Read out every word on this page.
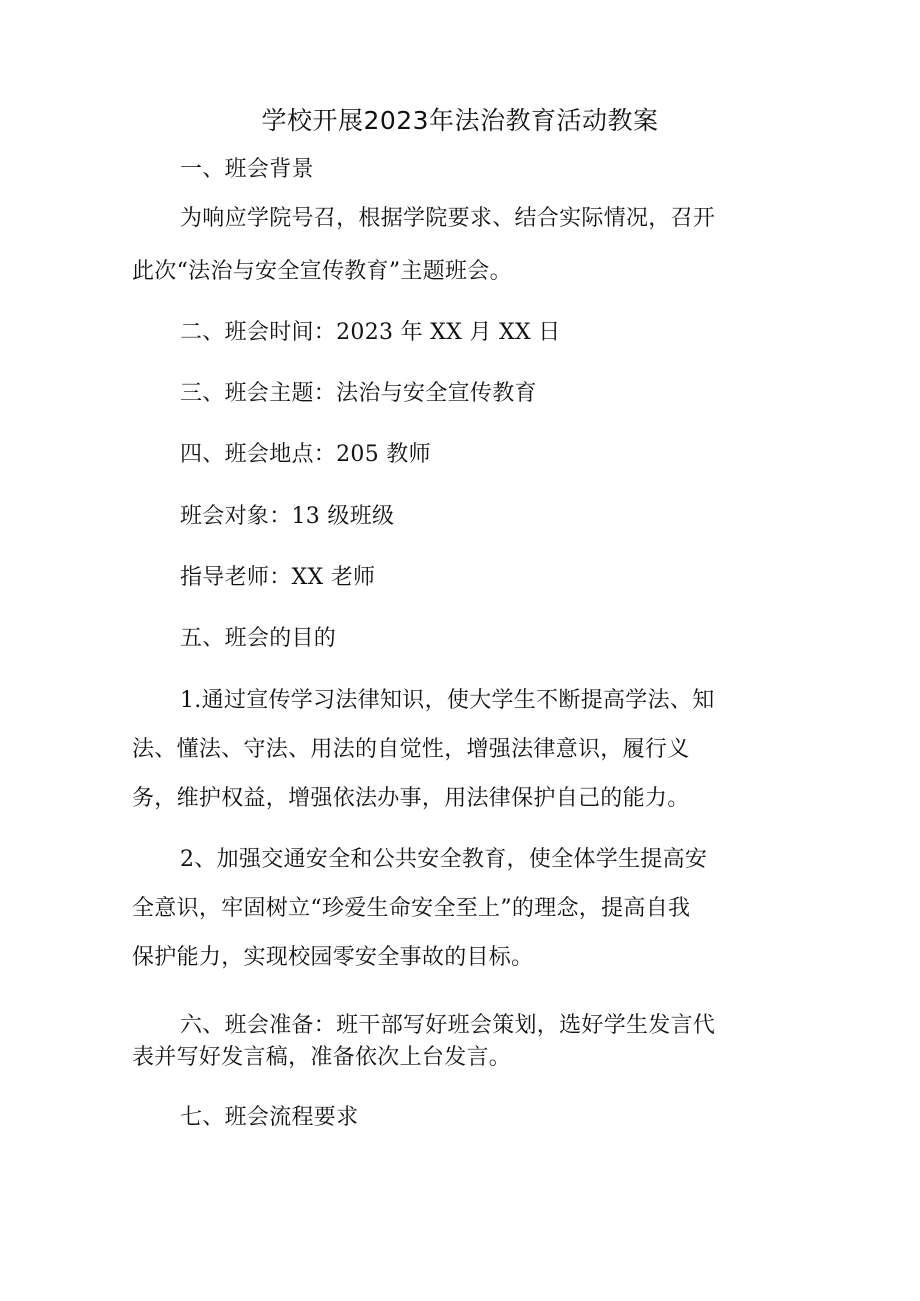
学校开展2023年法治教育活动教案
一、班会背景
为响应学院号召，根据学院要求、结合实际情况，召开
此次“法治与安全宣传教育”主题班会。
二、班会时间：2023 年 XX 月 XX 日
三、班会主题：法治与安全宣传教育
四、班会地点：205 教师
班会对象：13 级班级
指导老师：XX 老师
五、班会的目的
1.通过宣传学习法律知识，使大学生不断提高学法、知
法、懂法、守法、用法的自觉性，增强法律意识，履行义
务，维护权益，增强依法办事，用法律保护自己的能力。
2、加强交通安全和公共安全教育，使全体学生提高安
全意识，牢固树立“珍爱生命安全至上”的理念，提高自我
保护能力，实现校园零安全事故的目标。
六、班会准备：班干部写好班会策划，选好学生发言代
表并写好发言稿，准备依次上台发言。
七、班会流程要求
